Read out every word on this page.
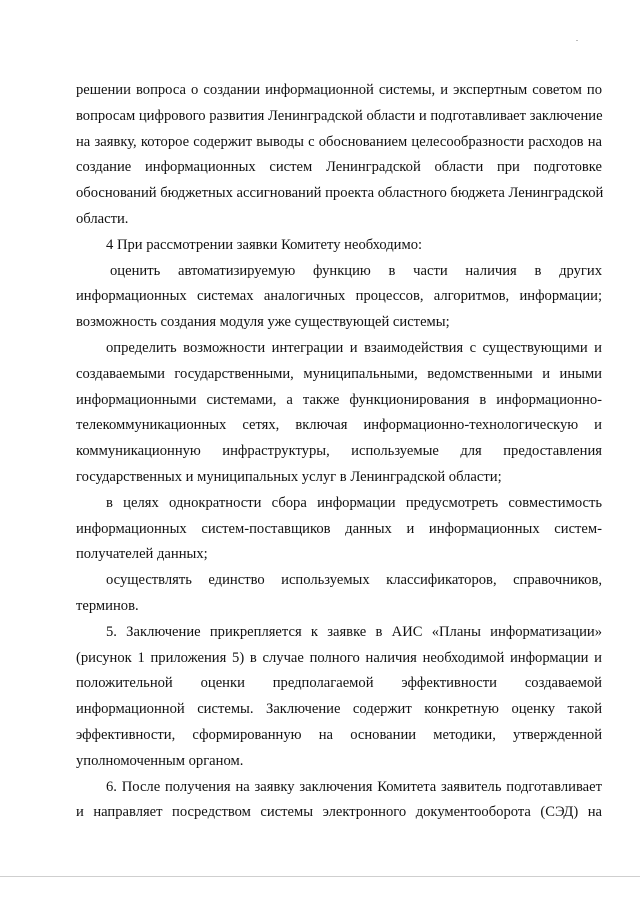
решении вопроса о создании информационной системы, и экспертным советом по
вопросам цифрового развития Ленинградской области и подготавливает заключение
на заявку, которое содержит выводы с обоснованием целесообразности расходов на
создание информационных систем Ленинградской области при подготовке
обоснований бюджетных ассигнований проекта областного бюджета Ленинградской
области.
4 При рассмотрении заявки Комитету необходимо:
оценить автоматизируемую функцию в части наличия в других
информационных системах аналогичных процессов, алгоритмов, информации;
возможность создания модуля уже существующей системы;
определить возможности интеграции и взаимодействия с существующими и
создаваемыми государственными, муниципальными, ведомственными и иными
информационными системами, а также функционирования в информационно-
телекоммуникационных сетях, включая информационно-технологическую и
коммуникационную инфраструктуры, используемые для предоставления
государственных и муниципальных услуг в Ленинградской области;
в целях однократности сбора информации предусмотреть совместимость
информационных систем-поставщиков данных и информационных систем-
получателей данных;
осуществлять единство используемых классификаторов, справочников,
терминов.
5. Заключение прикрепляется к заявке в АИС «Планы информатизации»
(рисунок 1 приложения 5) в случае полного наличия необходимой информации и
положительной оценки предполагаемой эффективности создаваемой
информационной системы. Заключение содержит конкретную оценку такой
эффективности, сформированную на основании методики, утвержденной
уполномоченным органом.
6. После получения на заявку заключения Комитета заявитель подготавливает
и направляет посредством системы электронного документооборота (СЭД) на
